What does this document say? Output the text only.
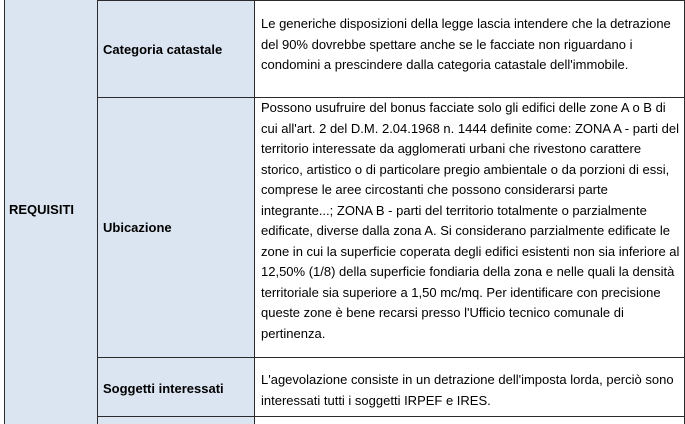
REQUISITI
Categoria catastale

Le generiche disposizioni della legge lascia intendere che la detrazione del 90% dovrebbe spettare anche se le facciate non riguardano i condomini a prescindere dalla categoria catastale dell'immobile.

Ubicazione

Possono usufruire del bonus facciate solo gli edifici delle zone A o B di cui all'art. 2 del D.M. 2.04.1968 n. 1444 definite come: ZONA A - parti del territorio interessate da agglomerati urbani che rivestono carattere storico, artistico o di particolare pregio ambientale o da porzioni di essi, comprese le aree circostanti che possono considerarsi parte integrante...; ZONA B - parti del territorio totalmente o parzialmente edificate, diverse dalla zona A. Si considerano parzialmente edificate le zone in cui la superficie coperata degli edifici esistenti non sia inferiore al 12,50% (1/8) della superficie fondiaria della zona e nelle quali la densità territoriale sia superiore a 1,50 mc/mq. Per identificare con precisione queste zone è bene recarsi presso l'Ufficio tecnico comunale di pertinenza.

Soggetti interessati

L'agevolazione consiste in un detrazione dell'imposta lorda, perciò sono interessati tutti i soggetti IRPEF e IRES.
